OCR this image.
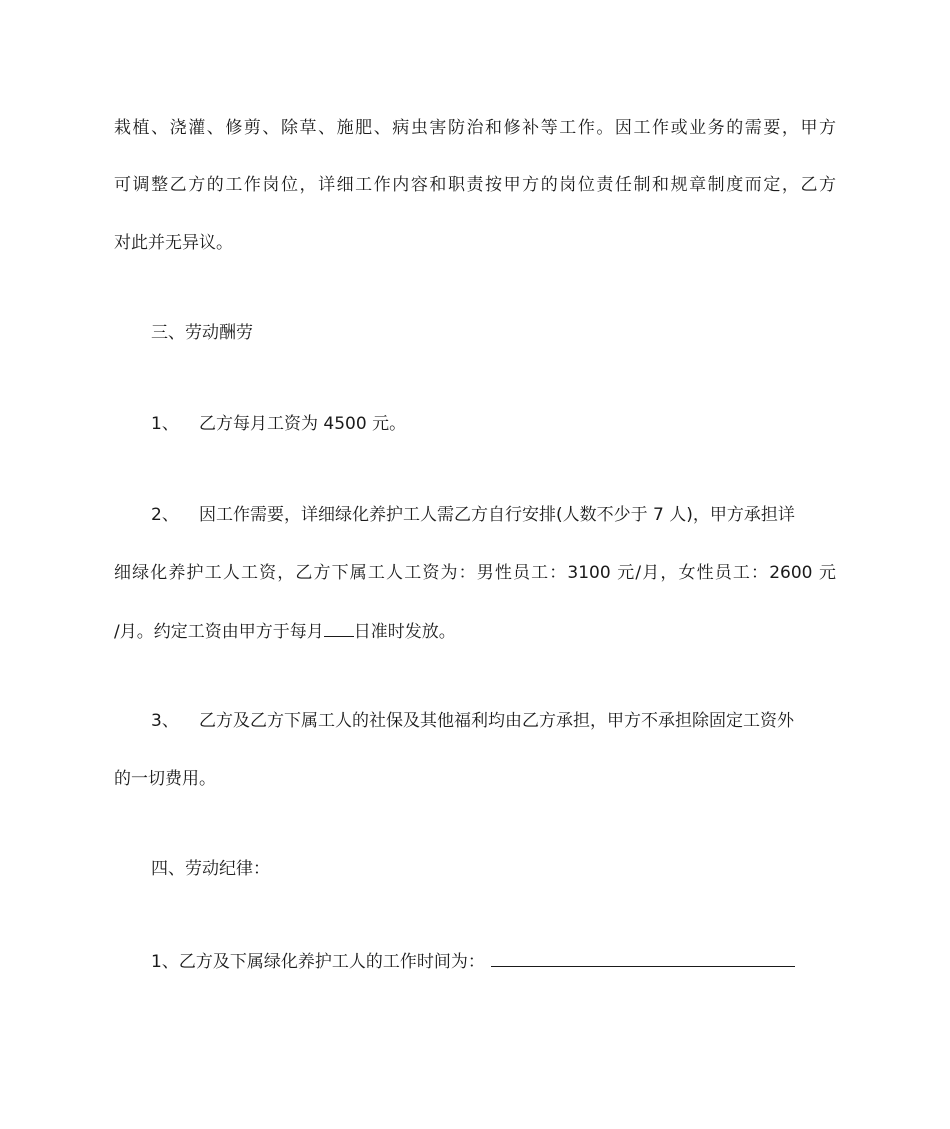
栽植、浇灌、修剪、除草、施肥、病虫害防治和修补等工作。因工作或业务的需要，甲方
可调整乙方的工作岗位，详细工作内容和职责按甲方的岗位责任制和规章制度而定，乙方
对此并无异议。
三、劳动酬劳
1、 乙方每月工资为 4500 元。
2、 因工作需要，详细绿化养护工人需乙方自行安排(人数不少于 7 人)，甲方承担详
细绿化养护工人工资，乙方下属工人工资为：男性员工：3100 元/月，女性员工：2600 元
/月。约定工资由甲方于每月 日准时发放。
3、 乙方及乙方下属工人的社保及其他福利均由乙方承担，甲方不承担除固定工资外
的一切费用。
四、劳动纪律：
1、乙方及下属绿化养护工人的工作时间为：
